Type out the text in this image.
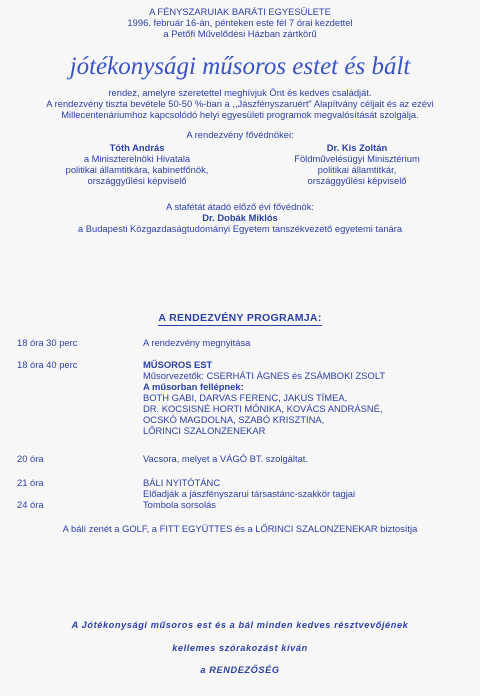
A FÉNYSZARUIAK BARÁTI EGYESÜLETE
1996. február 16-án, pénteken este fél 7 órai kezdettel
a Petőfi Művelődési Házban zártkörű
jótékonysági műsoros estet és bált
rendez, amelyre szeretettel meghívjuk Önt és kedves családját.
A rendezvény tiszta bevétele 50-50 %-ban a ,,Jászfényszaruért" Alapítvány céljait és az ezévi
Millecentenáriumhoz kapcsolódó helyi egyesületi programok megvalósítását szolgálja.
A rendezvény fővédnökei:
Tóth András
a Miniszterelnöki Hivatala
politikai államtitkára, kabinetfőnök,
országgyűlési képviselő
Dr. Kis Zoltán
Földművelésügyi Minisztérium
politikai államtitkár,
országgyűlési képviselő
A stafétát átadó előző évi fővédnök:
Dr. Dobák Miklós
a Budapesti Közgazdaságtudományi Egyetem tanszékvezető egyetemi tanára
A RENDEZVÉNY PROGRAMJA:
18 óra 30 perc	A rendezvény megnyitása
18 óra 40 perc	MŰSOROS EST
Műsorvezetők: CSERHÁTI ÁGNES és ZSÁMBOKI ZSOLT
A műsorban fellépnek:
BOTH GABI, DARVAS FERENC, JAKUS TÍMEA,
DR. KOCSISNÉ HORTI MÓNIKA, KOVÁCS ANDRÁSNÉ,
OCSKÓ MAGDOLNA, SZABÓ KRISZTINA,
LŐRINCI SZALONZENEKAR
20 óra	Vacsora, melyet a VÁGÓ BT. szolgáltat.
21 óra	BÁLI NYITÓTÁNC
Előadják a jászfényszarui társastánc-szakkör tagjai
24 óra	Tombola sorsolás
A bálí zenét a GOLF, a FITT EGYÜTTES és a LŐRINCI SZALONZENEKAR biztosítja
A Jótékonysági műsoros est és a bál minden kedves résztvevőjének
kellemes szórakozást kíván
a RENDEZŐSÉG
